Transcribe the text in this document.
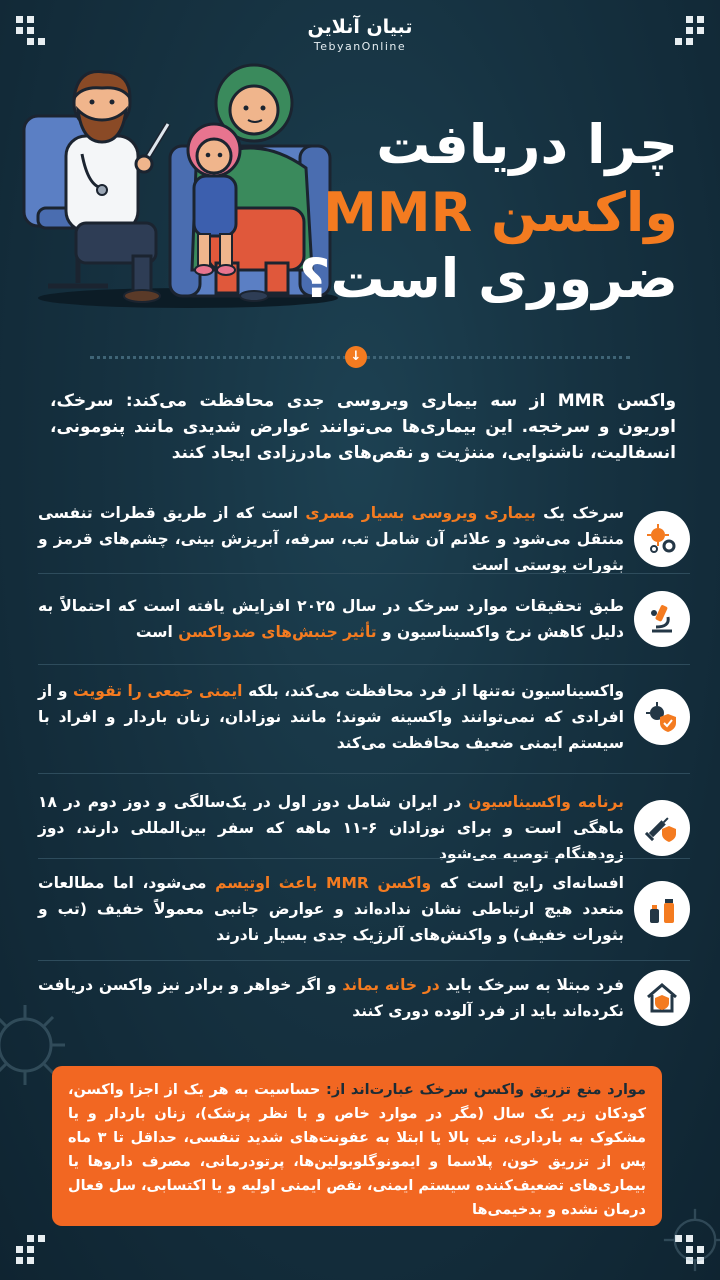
تبیان آنلاین
TebyanOnline
چرا دریافت
واکسن MMR
ضروری است؟
↓

واکسن MMR از سه بیماری ویروسی جدی محافظت می‌کند: سرخک، اوریون و سرخجه. این بیماری‌ها می‌توانند عوارض شدیدی مانند پنومونی، انسفالیت، ناشنوایی، مننژیت و نقص‌های مادرزادی ایجاد کنند

سرخک یک بیماری ویروسی بسیار مسری است که از طریق قطرات تنفسی منتقل می‌شود و علائم آن شامل تب، سرفه، آبریزش بینی، چشم‌های قرمز و بثورات پوستی است
طبق تحقیقات موارد سرخک در سال ۲۰۲۵ افزایش یافته است که احتمالاً به دلیل کاهش نرخ واکسیناسیون و تأثیر جنبش‌های ضدواکسن است
واکسیناسیون نه‌تنها از فرد محافظت می‌کند، بلکه ایمنی جمعی را تقویت و از افرادی که نمی‌توانند واکسینه شوند؛ مانند نوزادان، زنان باردار و افراد با سیستم ایمنی ضعیف محافظت می‌کند
برنامه واکسیناسیون در ایران شامل دوز اول در یک‌سالگی و دوز دوم در ۱۸ ماهگی است و برای نوزادان ۶-۱۱ ماهه که سفر بین‌المللی دارند، دوز زودهنگام توصیه می‌شود
افسانه‌ای رایج است که واکسن MMR باعث اوتیسم می‌شود، اما مطالعات متعدد هیچ ارتباطی نشان نداده‌اند و عوارض جانبی معمولاً خفیف (تب و بثورات خفیف) و واکنش‌های آلرژیک جدی بسیار نادرند
فرد مبتلا به سرخک باید در خانه بماند و اگر خواهر و برادر نیز واکسن دریافت نکرده‌اند باید از فرد آلوده دوری کنند
موارد منع تزریق واکسن سرخک عبارت‌اند از: حساسیت به هر یک از اجزا واکسن، کودکان زیر یک سال (مگر در موارد خاص و با نظر پزشک)، زنان باردار و یا مشکوک به بارداری، تب بالا یا ابتلا به عفونت‌های شدید تنفسی، حداقل تا ۳ ماه پس از تزریق خون، پلاسما و ایمونوگلوبولین‌ها، پرتودرمانی، مصرف داروها یا بیماری‌های تضعیف‌کننده سیستم ایمنی، نقص ایمنی اولیه و یا اکتسابی، سل فعال درمان نشده و بدخیمی‌ها
